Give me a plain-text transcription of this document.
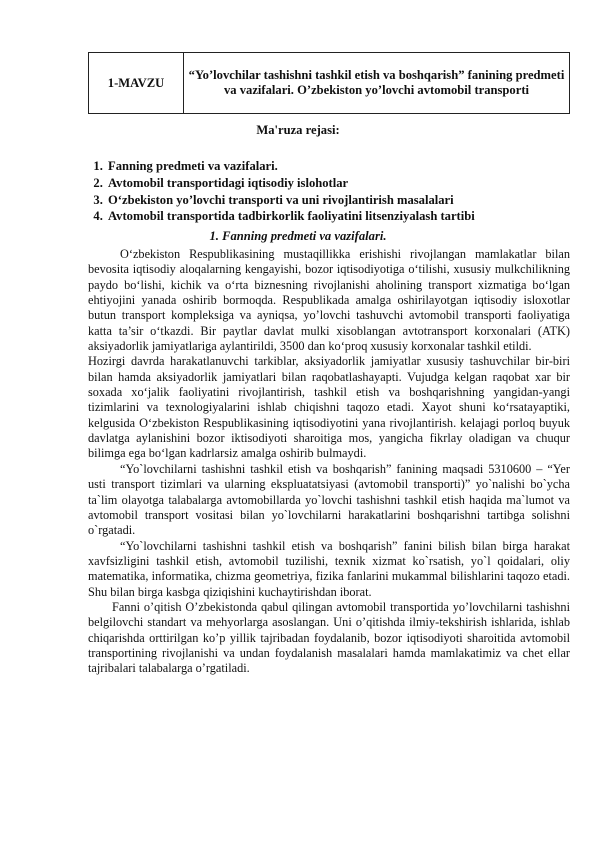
1-MAVZU	“Yo’lovchilar tashishni tashkil etish va boshqarish” fanining predmeti va vazifalari. O’zbekiston yo’lovchi avtomobil transporti
Ma'ruza rejasi:
1. Fanning predmeti va vazifalari.
2. Avtomobil transportidagi iqtisodiy islohotlar
3. O‘zbekiston yo’lovchi transporti va uni rivojlantirish masalalari
4. Avtomobil transportida tadbirkorlik faoliyatini litsenziyalash tartibi
1. Fanning predmeti va vazifalari.

O‘zbekiston Respublikasining mustaqillikka erishishi rivojlangan mamlakatlar bilan bevosita iqtisodiy aloqalarning kengayishi, bozor iqtisodiyotiga o‘tilishi, xususiy mulkchilikning paydo bo‘lishi, kichik va o‘rta biznesning rivojlanishi aholining transport xizmatiga bo‘lgan ehtiyojini yanada oshirib bormoqda. Respublikada amalga oshirilayotgan iqtisodiy isloxotlar butun transport kompleksiga va ayniqsa, yo’lovchi tashuvchi avtomobil transporti faoliyatiga katta ta’sir o‘tkazdi. Bir paytlar davlat mulki xisoblangan avtotransport korxonalari (ATK) aksiyadorlik jamiyatlariga aylantirildi, 3500 dan ko‘proq xususiy korxonalar tashkil etildi.

Hozirgi davrda harakatlanuvchi tarkiblar, aksiyadorlik jamiyatlar xususiy tashuvchilar bir-biri bilan hamda aksiyadorlik jamiyatlari bilan raqobatlashayapti. Vujudga kelgan raqobat xar bir soxada xo‘jalik faoliyatini rivojlantirish, tashkil etish va boshqarishning yangidan-yangi tizimlarini va texnologiyalarini ishlab chiqishni taqozo etadi. Xayot shuni ko‘rsatayaptiki, kelgusida O‘zbekiston Respublikasining iqtisodiyotini yana rivojlantirish. kelajagi porloq buyuk davlatga aylanishini bozor iktisodiyoti sharoitiga mos, yangicha fikrlay oladigan va chuqur bilimga ega bo‘lgan kadrlarsiz amalga oshirib bulmaydi.

“Yo`lovchilarni tashishni tashkil etish va boshqarish” fanining maqsadi 5310600 – “Yer usti transport tizimlari va ularning ekspluatatsiyasi (avtomobil transporti)” yo`nalishi bo`ycha ta`lim olayotga talabalarga avtomobillarda yo`lovchi tashishni tashkil etish haqida ma`lumot va avtomobil transport vositasi bilan yo`lovchilarni harakatlarini boshqarishni tartibga solishni o`rgatadi.

“Yo`lovchilarni tashishni tashkil etish va boshqarish” fanini bilish bilan birga harakat xavfsizligini tashkil etish, avtomobil tuzilishi, texnik xizmat ko`rsatish, yo`l qoidalari, oliy matematika, informatika, chizma geometriya, fizika fanlarini mukammal bilishlarini taqozo etadi. Shu bilan birga kasbga qiziqishini kuchaytirishdan iborat.

Fanni o’qitish O’zbekistonda qabul qilingan avtomobil transportida yo’lovchilarni tashishni belgilovchi standart va mehyorlarga asoslangan. Uni o’qitishda ilmiy-tekshirish ishlarida, ishlab chiqarishda orttirilgan ko’p yillik tajribadan foydalanib, bozor iqtisodiyoti sharoitida avtomobil transportining rivojlanishi va undan foydalanish masalalari hamda mamlakatimiz va chet ellar tajribalari talabalarga o’rgatiladi.
